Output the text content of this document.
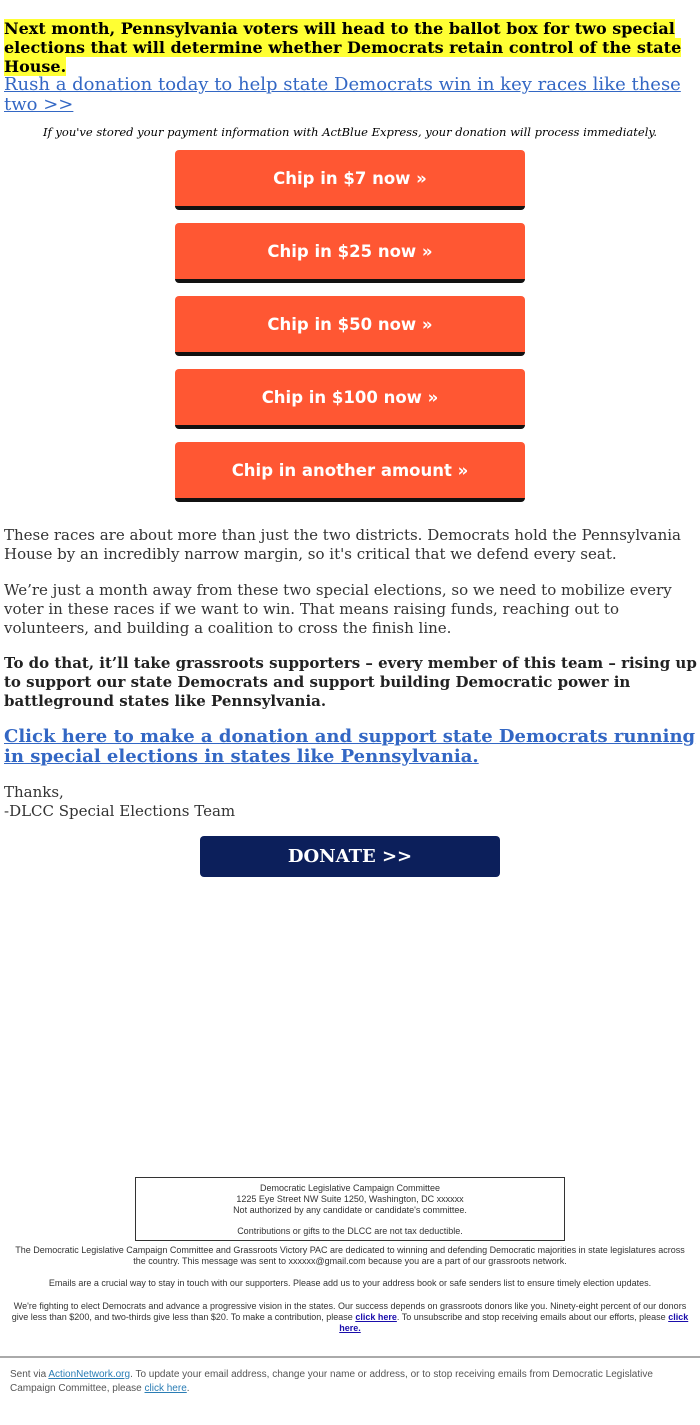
Next month, Pennsylvania voters will head to the ballot box for two special elections that will determine whether Democrats retain control of the state House.
Rush a donation today to help state Democrats win in key races like these two >>
If you've stored your payment information with ActBlue Express, your donation will process immediately.
Chip in $7 now »
Chip in $25 now »
Chip in $50 now »
Chip in $100 now »
Chip in another amount »
These races are about more than just the two districts. Democrats hold the Pennsylvania House by an incredibly narrow margin, so it's critical that we defend every seat.
We’re just a month away from these two special elections, so we need to mobilize every voter in these races if we want to win. That means raising funds, reaching out to volunteers, and building a coalition to cross the finish line.
To do that, it’ll take grassroots supporters – every member of this team – rising up to support our state Democrats and support building Democratic power in battleground states like Pennsylvania.
Click here to make a donation and support state Democrats running in special elections in states like Pennsylvania.
Thanks,
-DLCC Special Elections Team
DONATE >>
Democratic Legislative Campaign Committee
1225 Eye Street NW Suite 1250, Washington, DC xxxxxx
Not authorized by any candidate or candidate's committee.
Contributions or gifts to the DLCC are not tax deductible.
The Democratic Legislative Campaign Committee and Grassroots Victory PAC are dedicated to winning and defending Democratic majorities in state legislatures across the country. This message was sent to xxxxxx@gmail.com because you are a part of our grassroots network.
Emails are a crucial way to stay in touch with our supporters. Please add us to your address book or safe senders list to ensure timely election updates.
We're fighting to elect Democrats and advance a progressive vision in the states. Our success depends on grassroots donors like you. Ninety-eight percent of our donors give less than $200, and two-thirds give less than $20. To make a contribution, please click here. To unsubscribe and stop receiving emails about our efforts, please click here.
Sent via ActionNetwork.org. To update your email address, change your name or address, or to stop receiving emails from Democratic Legislative Campaign Committee, please click here.
